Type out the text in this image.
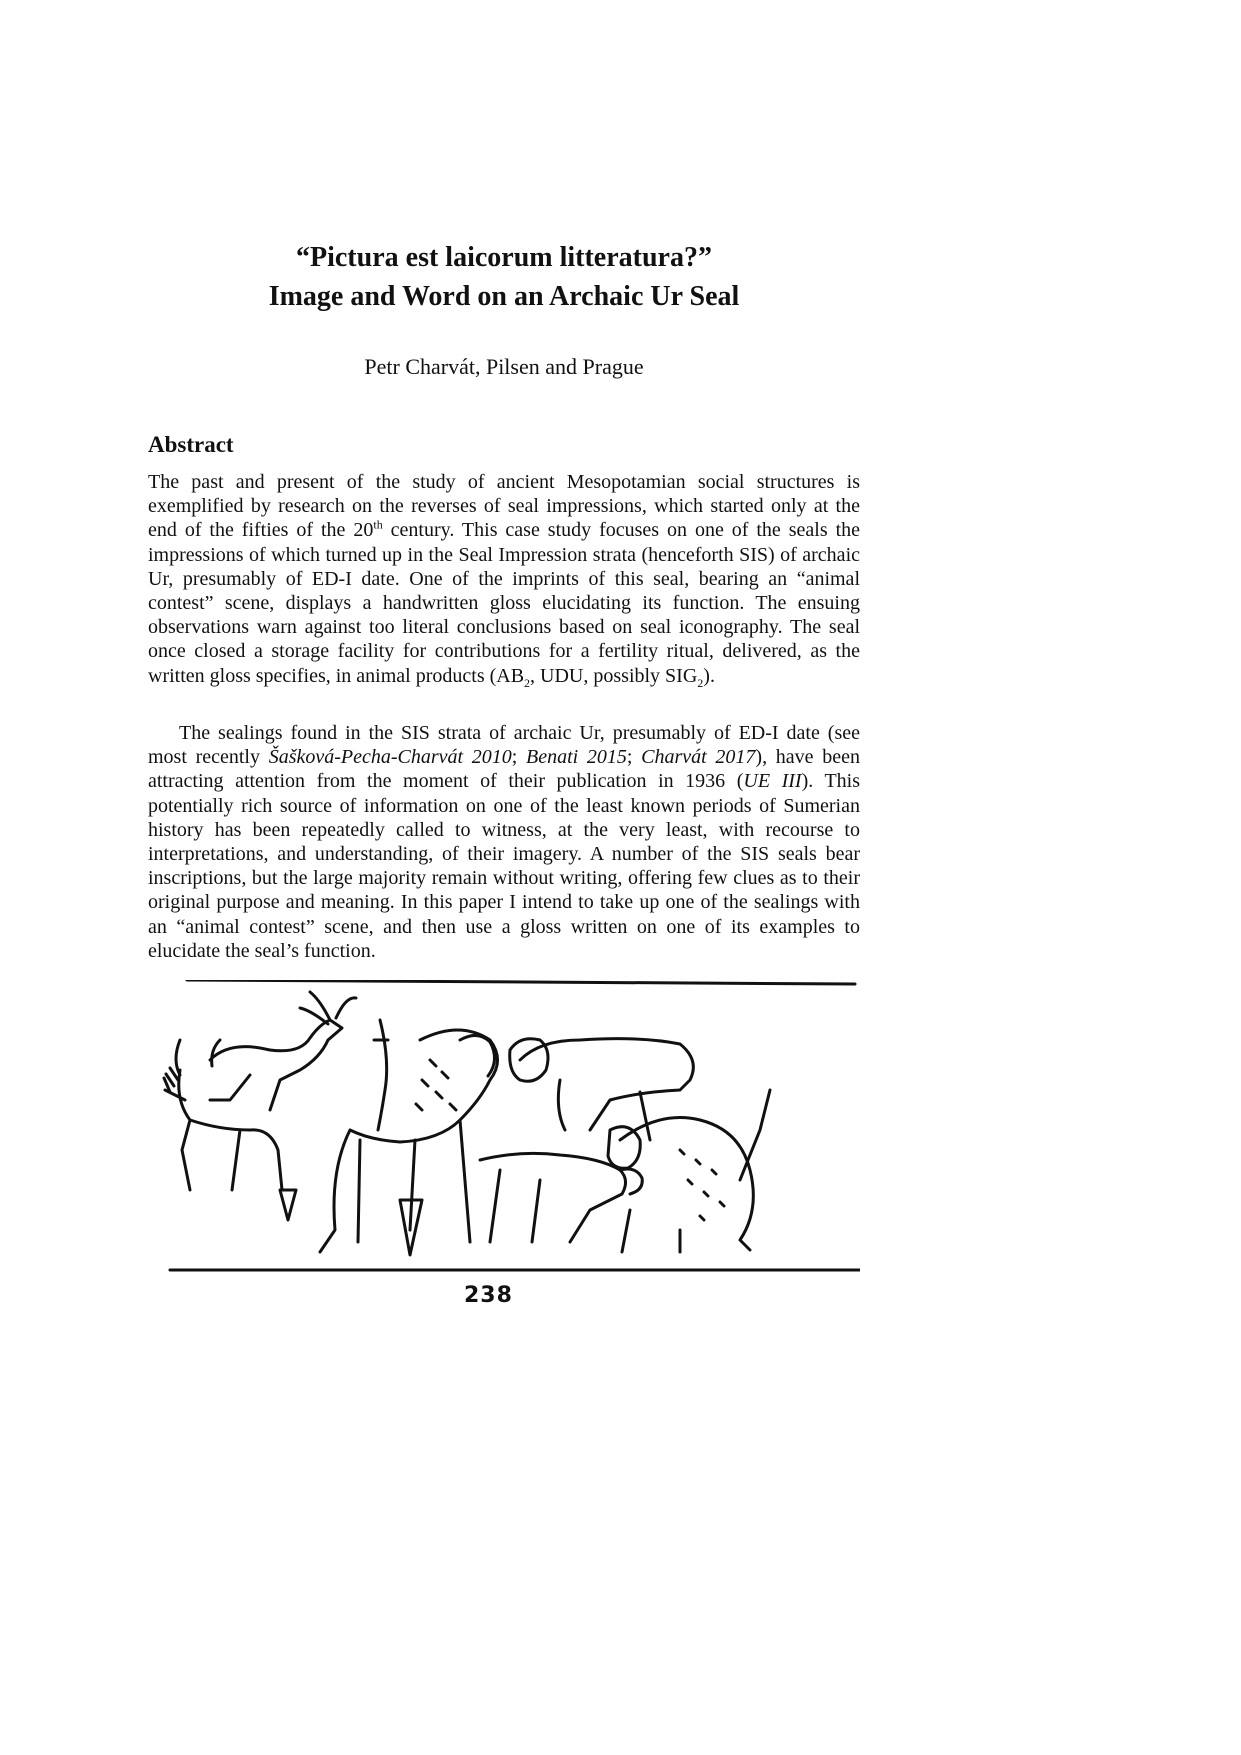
“Pictura est laicorum litteratura?”
Image and Word on an Archaic Ur Seal

Petr Charvát, Pilsen and Prague

Abstract

The past and present of the study of ancient Mesopotamian social structures is exemplified by research on the reverses of seal impressions, which started only at the end of the fifties of the 20th century. This case study focuses on one of the seals the impressions of which turned up in the Seal Impression strata (henceforth SIS) of archaic Ur, presumably of ED-I date. One of the imprints of this seal, bearing an “animal contest” scene, displays a handwritten gloss elucidating its function. The ensuing observations warn against too literal conclusions based on seal iconography. The seal once closed a storage facility for contributions for a fertility ritual, delivered, as the written gloss specifies, in animal products ($AB_2$, UDU, possibly $SIG_2$).

The sealings found in the SIS strata of archaic Ur, presumably of ED-I date (see most recently Šašková-Pecha-Charvát 2010; Benati 2015; Charvát 2017), have been attracting attention from the moment of their publication in 1936 (UE III). This potentially rich source of information on one of the least known periods of Sumerian history has been repeatedly called to witness, at the very least, with recourse to interpretations, and understanding, of their imagery. A number of the SIS seals bear inscriptions, but the large majority remain without writing, offering few clues as to their original purpose and meaning. In this paper I intend to take up one of the sealings with an “animal contest” scene, and then use a gloss written on one of its examples to elucidate the seal’s function.

238
